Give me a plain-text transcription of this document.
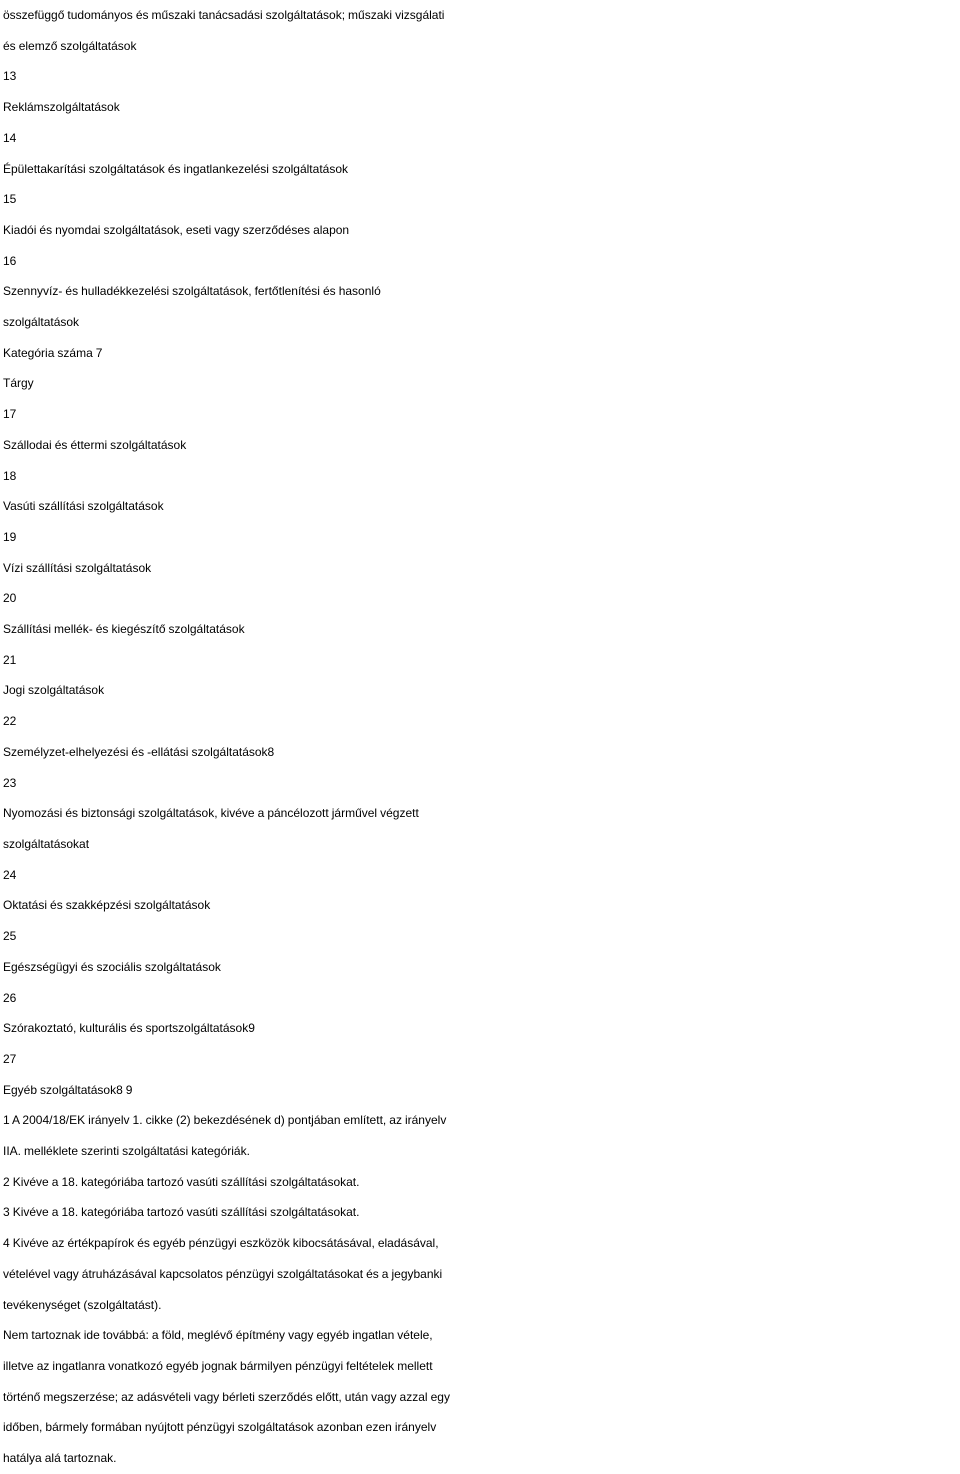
összefüggő tudományos és műszaki tanácsadási szolgáltatások; műszaki vizsgálati

és elemző szolgáltatások

13

Reklámszolgáltatások

14

Épülettakarítási szolgáltatások és ingatlankezelési szolgáltatások

15

Kiadói és nyomdai szolgáltatások, eseti vagy szerződéses alapon

16

Szennyvíz- és hulladékkezelési szolgáltatások, fertőtlenítési és hasonló

szolgáltatások

Kategória száma 7

Tárgy

17

Szállodai és éttermi szolgáltatások

18

Vasúti szállítási szolgáltatások

19

Vízi szállítási szolgáltatások

20

Szállítási mellék- és kiegészítő szolgáltatások

21

Jogi szolgáltatások

22

Személyzet-elhelyezési és -ellátási szolgáltatások8

23

Nyomozási és biztonsági szolgáltatások, kivéve a páncélozott járművel végzett

szolgáltatásokat

24

Oktatási és szakképzési szolgáltatások

25

Egészségügyi és szociális szolgáltatások

26

Szórakoztató, kulturális és sportszolgáltatások9

27

Egyéb szolgáltatások8 9

1 A 2004/18/EK irányelv 1. cikke (2) bekezdésének d) pontjában említett, az irányelv

IIA. melléklete szerinti szolgáltatási kategóriák.

2 Kivéve a 18. kategóriába tartozó vasúti szállítási szolgáltatásokat.

3 Kivéve a 18. kategóriába tartozó vasúti szállítási szolgáltatásokat.

4 Kivéve az értékpapírok és egyéb pénzügyi eszközök kibocsátásával, eladásával,

vételével vagy átruházásával kapcsolatos pénzügyi szolgáltatásokat és a jegybanki

tevékenységet (szolgáltatást).

Nem tartoznak ide továbbá: a föld, meglévő építmény vagy egyéb ingatlan vétele,

illetve az ingatlanra vonatkozó egyéb jognak bármilyen pénzügyi feltételek mellett

történő megszerzése; az adásvételi vagy bérleti szerződés előtt, után vagy azzal egy

időben, bármely formában nyújtott pénzügyi szolgáltatások azonban ezen irányelv

hatálya alá tartoznak.
